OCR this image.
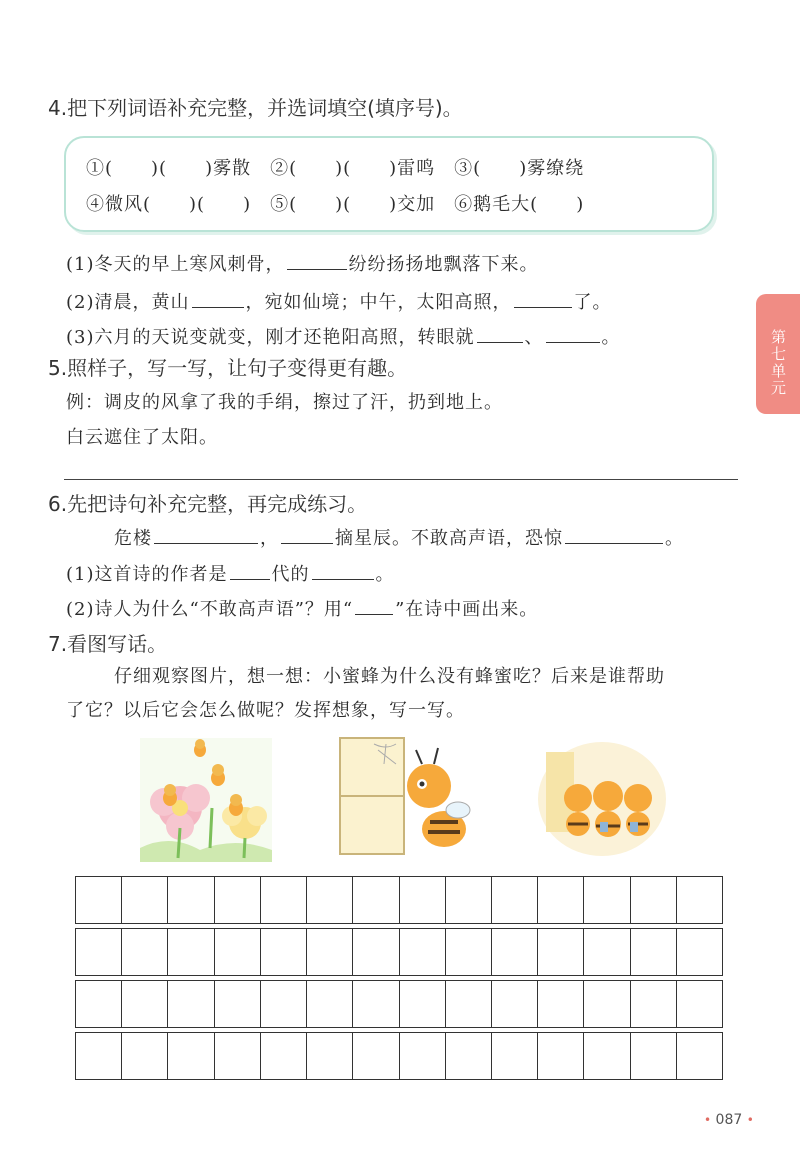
第七单元
4.把下列词语补充完整，并选词填空(填序号)。
①(　　)(　　)雾散　②(　　)(　　)雷鸣　③(　　)雾缭绕
④微风(　　)(　　)　⑤(　　)(　　)交加　⑥鹅毛大(　　)
(1)冬天的早上寒风刺骨，	纷纷扬扬地飘落下来。
(2)清晨，黄山	，宛如仙境；中午，太阳高照，	了。
(3)六月的天说变就变，刚才还艳阳高照，转眼就	、	。
5.照样子，写一写，让句子变得更有趣。
例：调皮的风拿了我的手绢，擦过了汗，扔到地上。
白云遮住了太阳。
6.先把诗句补充完整，再完成练习。
危楼	，	摘星辰。不敢高声语，恐惊	。
(1)这首诗的作者是 代的	。
(2)诗人为什么“不敢高声语”？用“ ”在诗中画出来。
7.看图写话。
仔细观察图片，想一想：小蜜蜂为什么没有蜂蜜吃？后来是谁帮助
了它？以后它会怎么做呢？发挥想象，写一写。
• 087 •
